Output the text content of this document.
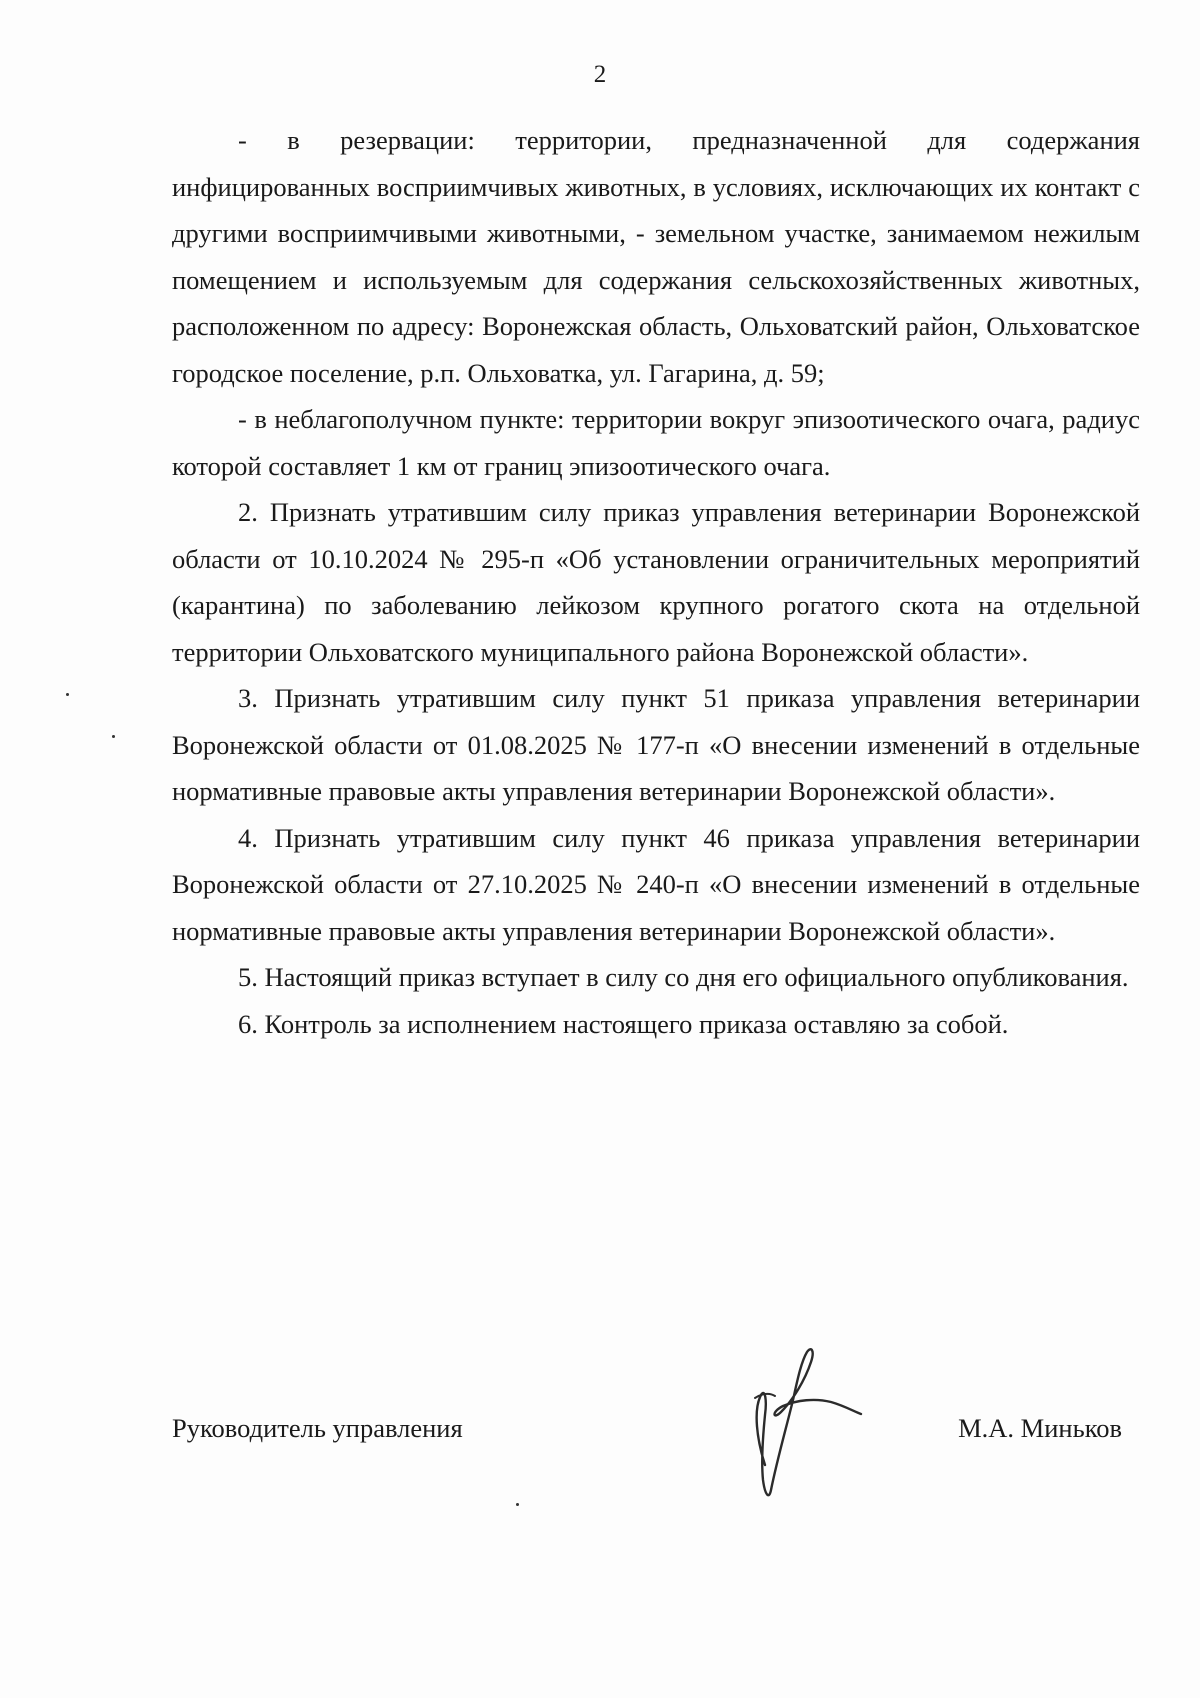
2

- в резервации: территории, предназначенной для содержания инфицированных восприимчивых животных, в условиях, исключающих их контакт с другими восприимчивыми животными, - земельном участке, занимаемом нежилым помещением и используемым для содержания сельскохозяйственных животных, расположенном по адресу: Воронежская область, Ольховатский район, Ольховатское городское поселение, р.п. Ольховатка, ул. Гагарина, д. 59;

- в неблагополучном пункте: территории вокруг эпизоотического очага, радиус которой составляет 1 км от границ эпизоотического очага.

2. Признать утратившим силу приказ управления ветеринарии Воронежской области от 10.10.2024 № 295-п «Об установлении ограничительных мероприятий (карантина) по заболеванию лейкозом крупного рогатого скота на отдельной территории Ольховатского муниципального района Воронежской области».

3. Признать утратившим силу пункт 51 приказа управления ветеринарии Воронежской области от 01.08.2025 № 177-п «О внесении изменений в отдельные нормативные правовые акты управления ветеринарии Воронежской области».

4. Признать утратившим силу пункт 46 приказа управления ветеринарии Воронежской области от 27.10.2025 № 240-п «О внесении изменений в отдельные нормативные правовые акты управления ветеринарии Воронежской области».

5. Настоящий приказ вступает в силу со дня его официального опубликования.

6. Контроль за исполнением настоящего приказа оставляю за собой.

Руководитель управления	М.А. Миньков
